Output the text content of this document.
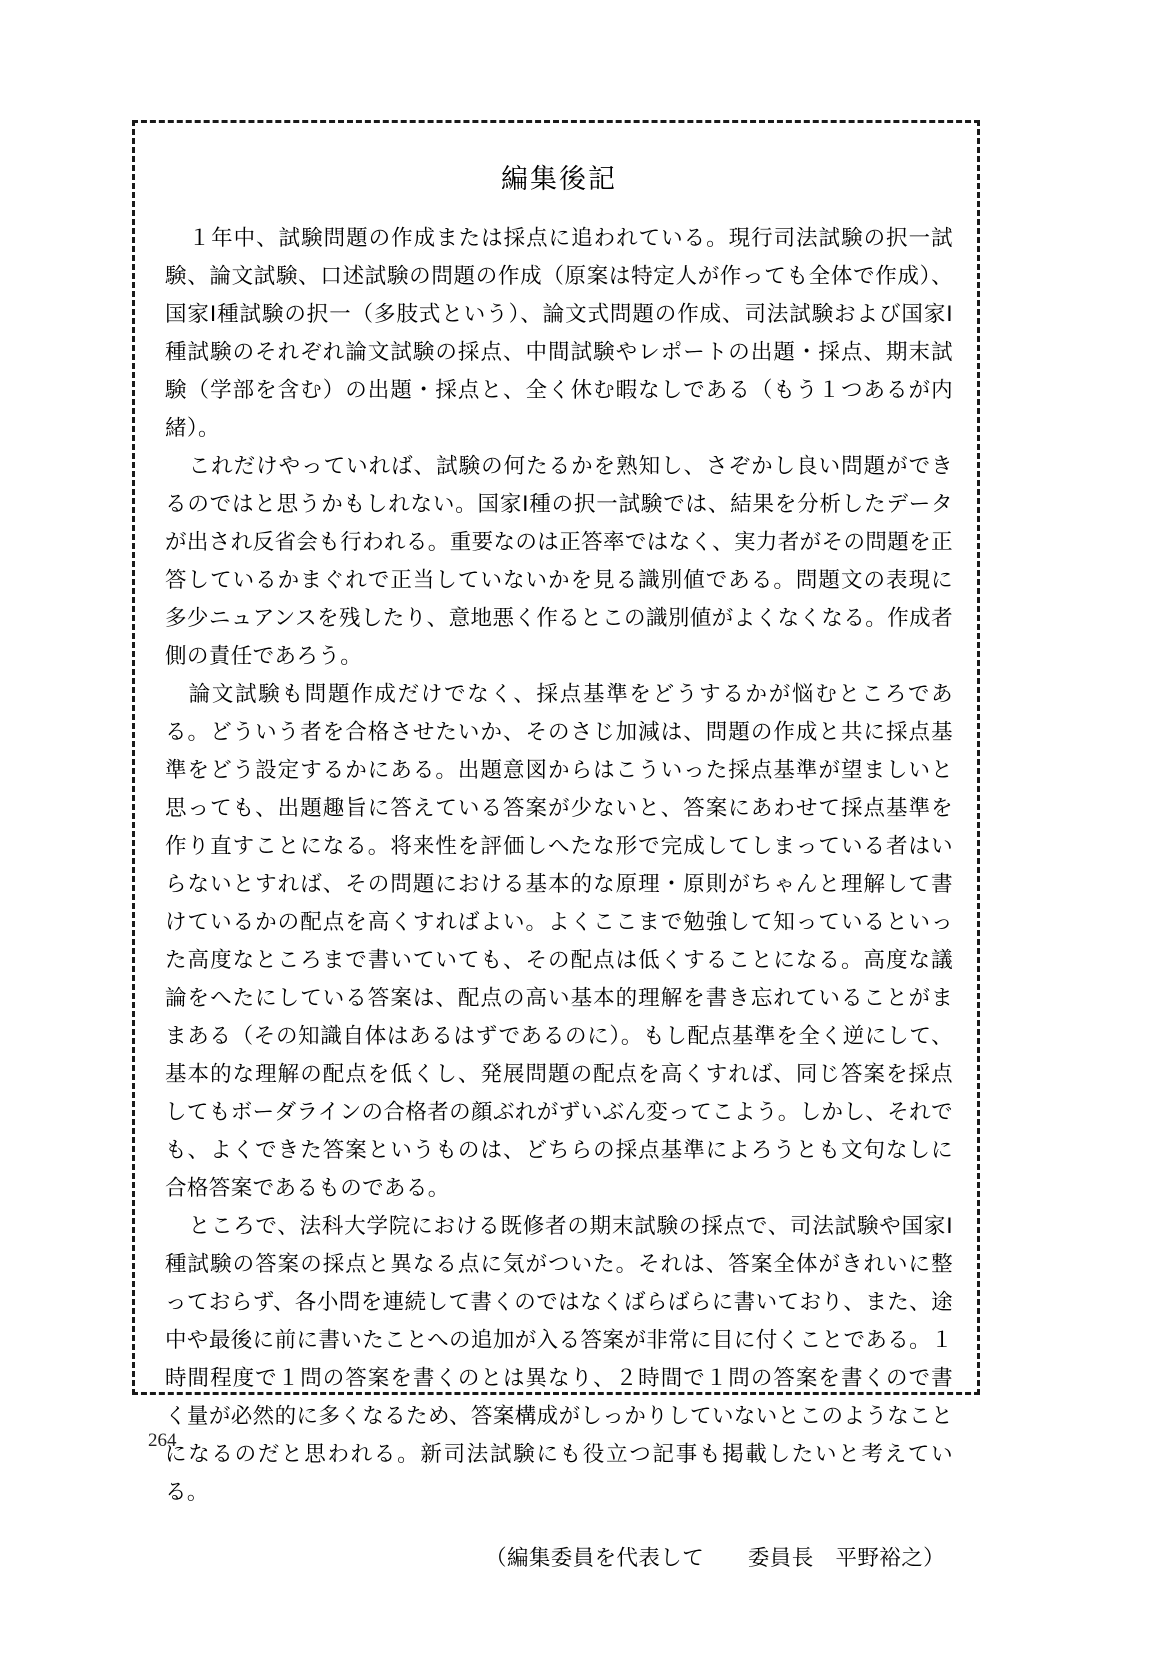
編集後記

１年中、試験問題の作成または採点に追われている。現行司法試験の択一試験、論文試験、口述試験の問題の作成（原案は特定人が作っても全体で作成）、国家Ⅰ種試験の択一（多肢式という）、論文式問題の作成、司法試験および国家Ⅰ種試験のそれぞれ論文試験の採点、中間試験やレポートの出題・採点、期末試験（学部を含む）の出題・採点と、全く休む暇なしである（もう１つあるが内緒）。

これだけやっていれば、試験の何たるかを熟知し、さぞかし良い問題ができるのではと思うかもしれない。国家Ⅰ種の択一試験では、結果を分析したデータが出され反省会も行われる。重要なのは正答率ではなく、実力者がその問題を正答しているかまぐれで正当していないかを見る識別値である。問題文の表現に多少ニュアンスを残したり、意地悪く作るとこの識別値がよくなくなる。作成者側の責任であろう。

論文試験も問題作成だけでなく、採点基準をどうするかが悩むところである。どういう者を合格させたいか、そのさじ加減は、問題の作成と共に採点基準をどう設定するかにある。出題意図からはこういった採点基準が望ましいと思っても、出題趣旨に答えている答案が少ないと、答案にあわせて採点基準を作り直すことになる。将来性を評価しへたな形で完成してしまっている者はいらないとすれば、その問題における基本的な原理・原則がちゃんと理解して書けているかの配点を高くすればよい。よくここまで勉強して知っているといった高度なところまで書いていても、その配点は低くすることになる。高度な議論をへたにしている答案は、配点の高い基本的理解を書き忘れていることがままある（その知識自体はあるはずであるのに）。もし配点基準を全く逆にして、基本的な理解の配点を低くし、発展問題の配点を高くすれば、同じ答案を採点してもボーダラインの合格者の顔ぶれがずいぶん変ってこよう。しかし、それでも、よくできた答案というものは、どちらの採点基準によろうとも文句なしに合格答案であるものである。

ところで、法科大学院における既修者の期末試験の採点で、司法試験や国家Ⅰ種試験の答案の採点と異なる点に気がついた。それは、答案全体がきれいに整っておらず、各小問を連続して書くのではなくばらばらに書いており、また、途中や最後に前に書いたことへの追加が入る答案が非常に目に付くことである。１時間程度で１問の答案を書くのとは異なり、２時間で１問の答案を書くので書く量が必然的に多くなるため、答案構成がしっかりしていないとこのようなことになるのだと思われる。新司法試験にも役立つ記事も掲載したいと考えている。

（編集委員を代表して　　委員長　平野裕之）

264
